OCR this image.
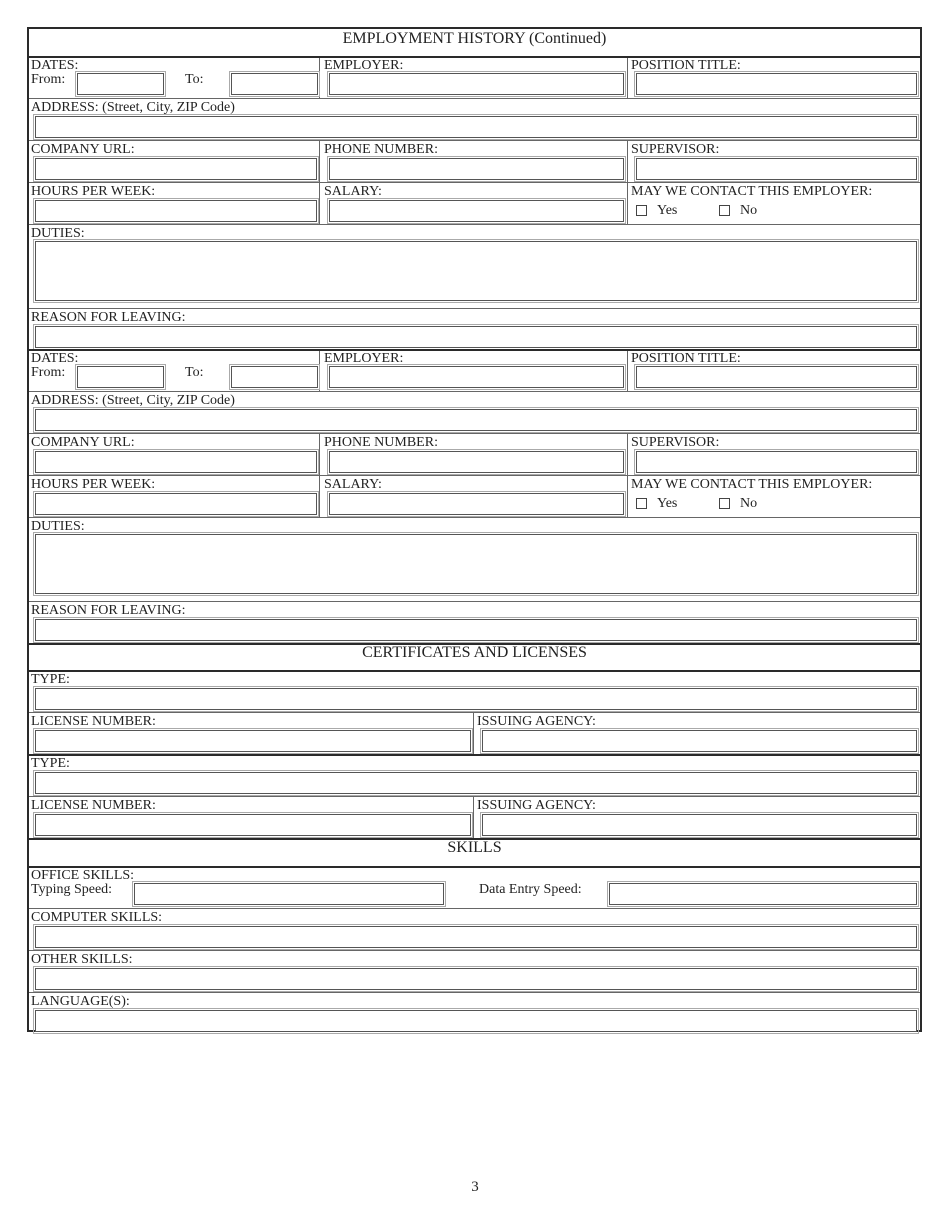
EMPLOYMENT HISTORY (Continued)
DATES:
From:	To:
EMPLOYER:	POSITION TITLE:
ADDRESS: (Street, City, ZIP Code)
COMPANY URL:	PHONE NUMBER:	SUPERVISOR:
HOURS PER WEEK:	SALARY:	MAY WE CONTACT THIS EMPLOYER:
Yes	No
DUTIES:
REASON FOR LEAVING:
DATES:
From:	To:
EMPLOYER:	POSITION TITLE:
ADDRESS: (Street, City, ZIP Code)
COMPANY URL:	PHONE NUMBER:	SUPERVISOR:
HOURS PER WEEK:	SALARY:	MAY WE CONTACT THIS EMPLOYER:
Yes	No
DUTIES:
REASON FOR LEAVING:
CERTIFICATES AND LICENSES
TYPE:
LICENSE NUMBER:	ISSUING AGENCY:
TYPE:
LICENSE NUMBER:	ISSUING AGENCY:
SKILLS
OFFICE SKILLS:
Typing Speed:	Data Entry Speed:
COMPUTER SKILLS:
OTHER SKILLS:
LANGUAGE(S):
3
